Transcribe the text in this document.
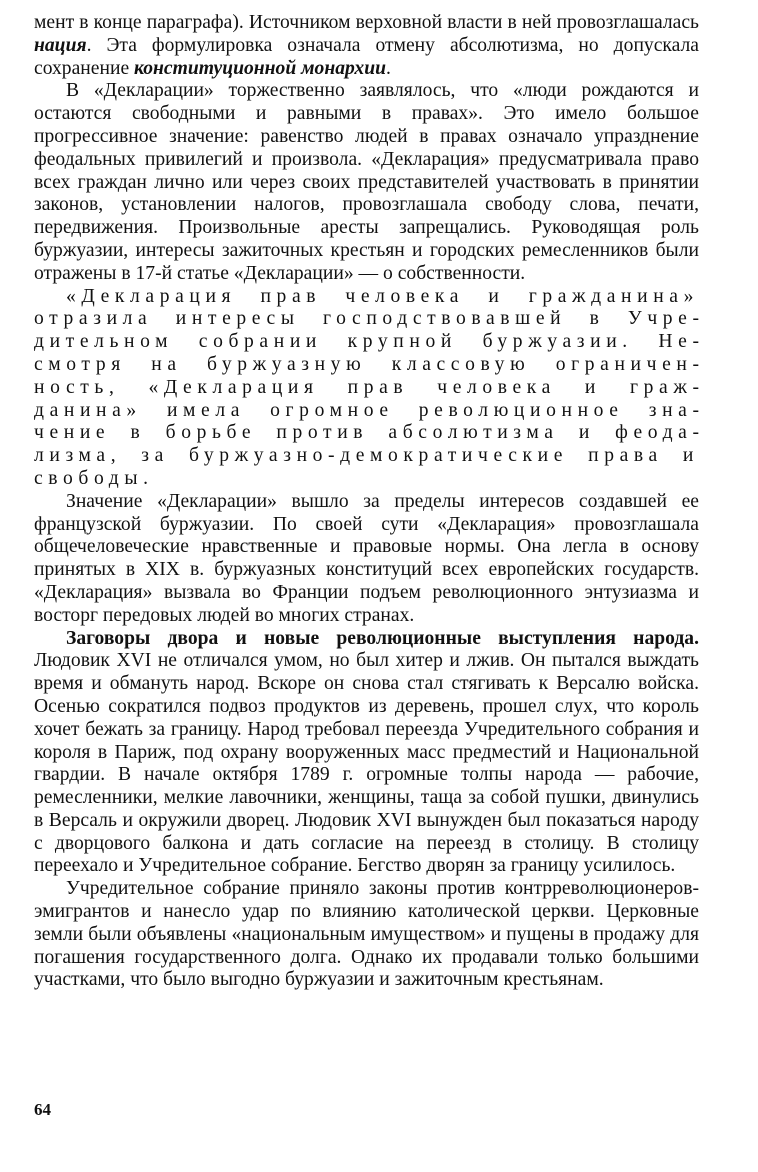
мент в конце параграфа). Источником верховной власти в ней провозглашалась нация. Эта формулировка означала отмену абсолютизма, но допускала сохранение конституционной монархии.

В «Декларации» торжественно заявлялось, что «люди рождаются и остаются свободными и равными в правах». Это имело большое прогрессивное значение: равенство людей в правах означало упразднение феодальных привилегий и произвола. «Декларация» предусматривала право всех граждан лично или через своих представителей участвовать в принятии законов, установлении налогов, провозглашала свободу слова, печати, передвижения. Произвольные аресты запрещались. Руководящая роль буржуазии, интересы зажиточных крестьян и городских ремесленников были отражены в 17-й статье «Декларации» — о собственности.

«Декларация прав человека и гражданина» отразила интересы господствовавшей в Учредительном собрании крупной буржуазии. Несмотря на буржуазную классовую ограниченность, «Декларация прав человека и гражданина» имела огромное революционное значение в борьбе против абсолютизма и феодализма, за буржуазно-демократические права и свободы.

Значение «Декларации» вышло за пределы интересов создавшей ее французской буржуазии. По своей сути «Декларация» провозглашала общечеловеческие нравственные и правовые нормы. Она легла в основу принятых в XIX в. буржуазных конституций всех европейских государств. «Декларация» вызвала во Франции подъем революционного энтузиазма и восторг передовых людей во многих странах.

Заговоры двора и новые революционные выступления народа. Людовик XVI не отличался умом, но был хитер и лжив. Он пытался выждать время и обмануть народ. Вскоре он снова стал стягивать к Версалю войска. Осенью сократился подвоз продуктов из деревень, прошел слух, что король хочет бежать за границу. Народ требовал переезда Учредительного собрания и короля в Париж, под охрану вооруженных масс предместий и Национальной гвардии. В начале октября 1789 г. огромные толпы народа — рабочие, ремесленники, мелкие лавочники, женщины, таща за собой пушки, двинулись в Версаль и окружили дворец. Людовик XVI вынужден был показаться народу с дворцового балкона и дать согласие на переезд в столицу. В столицу переехало и Учредительное собрание. Бегство дворян за границу усилилось.

Учредительное собрание приняло законы против контрреволюционеров-эмигрантов и нанесло удар по влиянию католической церкви. Церковные земли были объявлены «национальным имуществом» и пущены в продажу для погашения государственного долга. Однако их продавали только большими участками, что было выгодно буржуазии и зажиточным крестьянам.

64
